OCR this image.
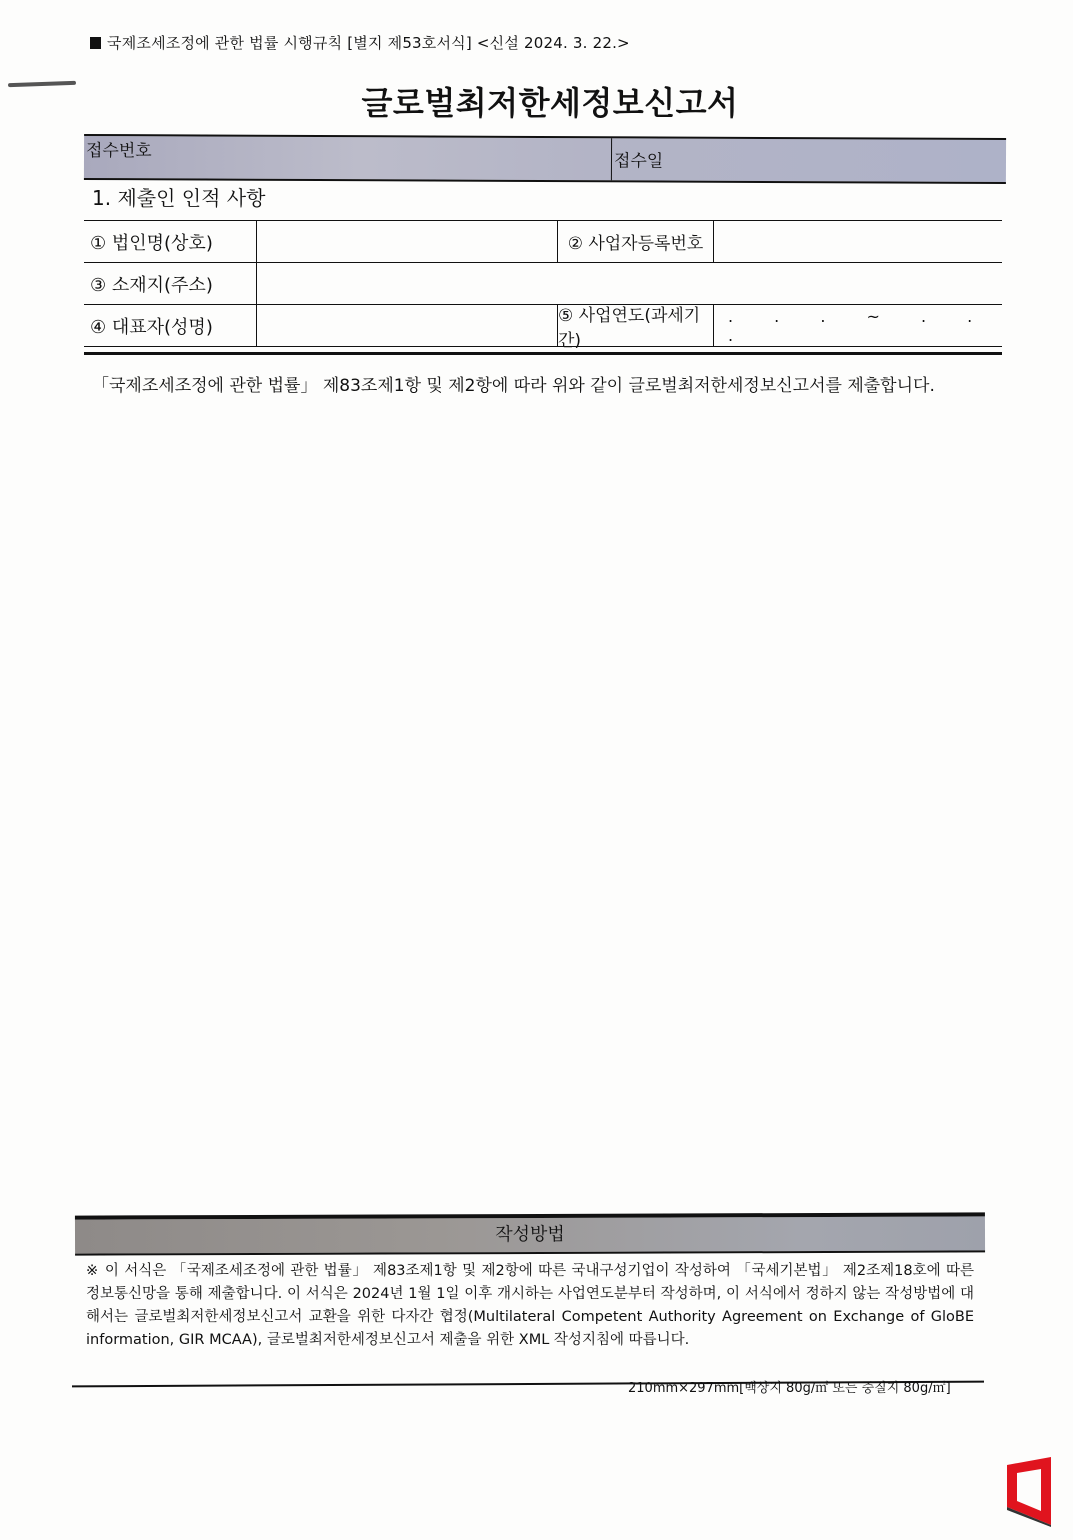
국제조세조정에 관한 법률 시행규칙 [별지 제53호서식] <신설 2024. 3. 22.>
글로벌최저한세정보신고서
접수번호
접수일
1. 제출인 인적 사항
① 법인명(상호)	② 사업자등록번호
③ 소재지(주소)
④ 대표자(성명)
⑤ 사업연도(과세기간)
. . . ~ . . .
「국제조세조정에 관한 법률」 제83조제1항 및 제2항에 따라 위와 같이 글로벌최저한세정보신고서를 제출합니다.
작성방법
※ 이 서식은 「국제조세조정에 관한 법률」 제83조제1항 및 제2항에 따른 국내구성기업이 작성하여 「국세기본법」 제2조제18호에 따른 정보통신망을 통해 제출합니다. 이 서식은 2024년 1월 1일 이후 개시하는 사업연도분부터 작성하며, 이 서식에서 정하지 않는 작성방법에 대해서는 글로벌최저한세정보신고서 교환을 위한 다자간 협정(Multilateral Competent Authority Agreement on Exchange of GloBE information, GIR MCAA), 글로벌최저한세정보신고서 제출을 위한 XML 작성지침에 따릅니다.
210mm×297mm[백상지 80g/㎡ 또는 중질지 80g/㎡]
